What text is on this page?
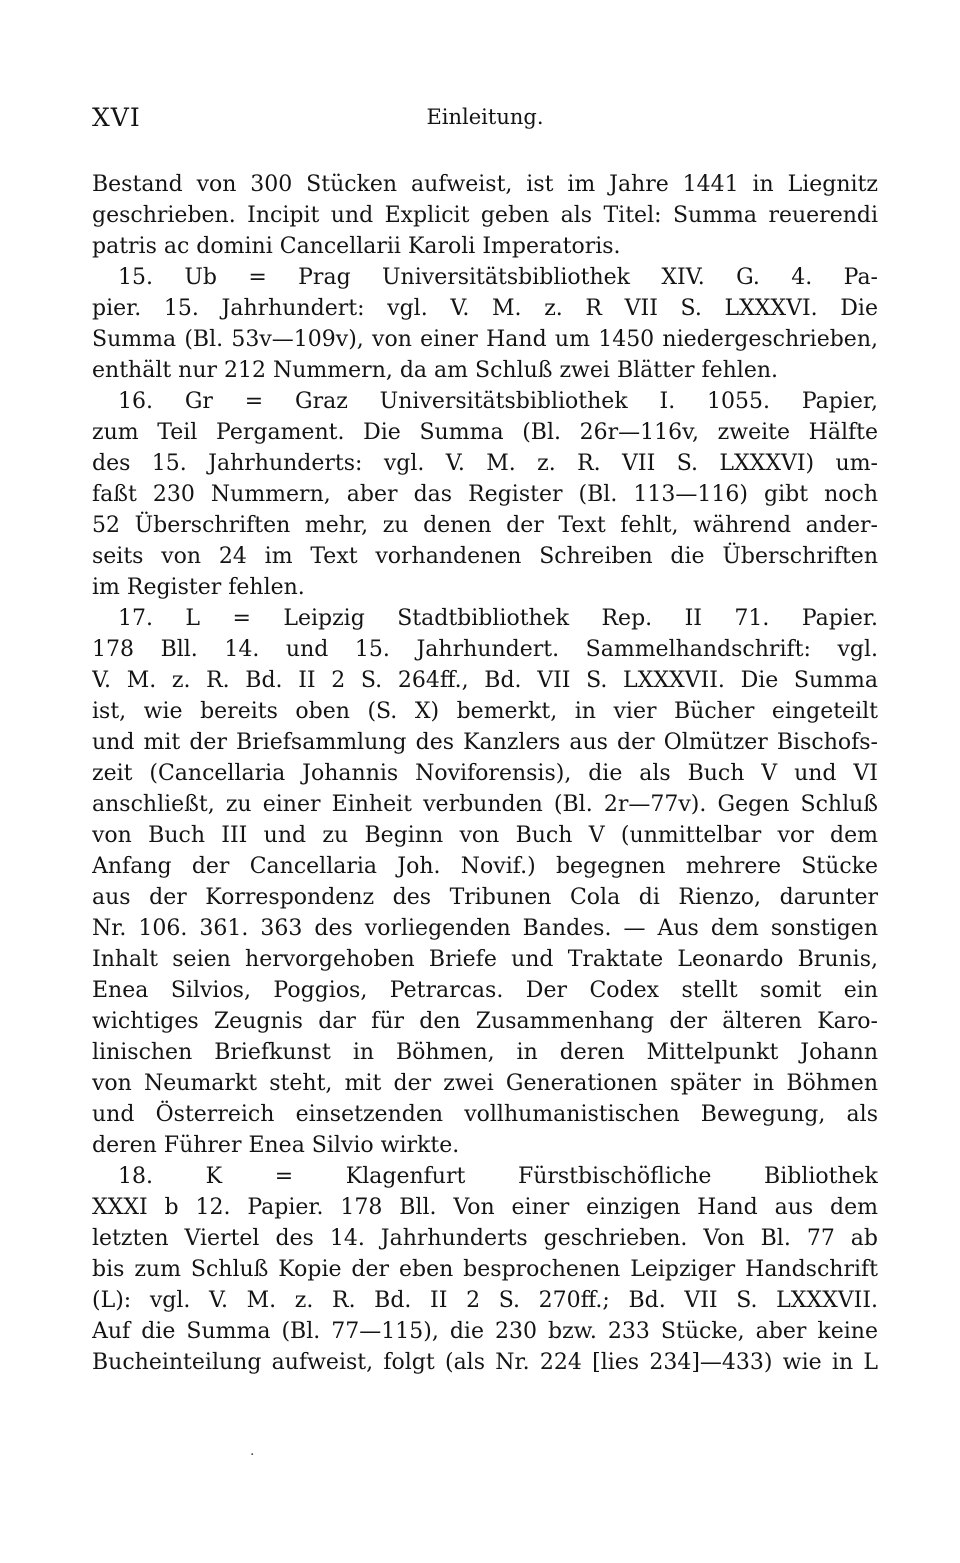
XVI	Einleitung.
Bestand von 300 Stücken aufweist, ist im Jahre 1441 in Liegnitz
geschrieben. Incipit und Explicit geben als Titel: Summa reuerendi
patris ac domini Cancellarii Karoli Imperatoris.
15. Ub = Prag Universitätsbibliothek XIV. G. 4. Pa-
pier. 15. Jahrhundert: vgl. V. M. z. R VII S. LXXXVI. Die
Summa (Bl. 53v—109v), von einer Hand um 1450 niedergeschrieben,
enthält nur 212 Nummern, da am Schluß zwei Blätter fehlen.
16. Gr = Graz Universitätsbibliothek I. 1055. Papier,
zum Teil Pergament. Die Summa (Bl. 26r—116v, zweite Hälfte
des 15. Jahrhunderts: vgl. V. M. z. R. VII S. LXXXVI) um-
faßt 230 Nummern, aber das Register (Bl. 113—116) gibt noch
52 Überschriften mehr, zu denen der Text fehlt, während ander-
seits von 24 im Text vorhandenen Schreiben die Überschriften
im Register fehlen.
17. L = Leipzig Stadtbibliothek Rep. II 71. Papier.
178 Bll. 14. und 15. Jahrhundert. Sammelhandschrift: vgl.
V. M. z. R. Bd. II 2 S. 264ff., Bd. VII S. LXXXVII. Die Summa
ist, wie bereits oben (S. X) bemerkt, in vier Bücher eingeteilt
und mit der Briefsammlung des Kanzlers aus der Olmützer Bischofs-
zeit (Cancellaria Johannis Noviforensis), die als Buch V und VI
anschließt, zu einer Einheit verbunden (Bl. 2r—77v). Gegen Schluß
von Buch III und zu Beginn von Buch V (unmittelbar vor dem
Anfang der Cancellaria Joh. Novif.) begegnen mehrere Stücke
aus der Korrespondenz des Tribunen Cola di Rienzo, darunter
Nr. 106. 361. 363 des vorliegenden Bandes. — Aus dem sonstigen
Inhalt seien hervorgehoben Briefe und Traktate Leonardo Brunis,
Enea Silvios, Poggios, Petrarcas. Der Codex stellt somit ein
wichtiges Zeugnis dar für den Zusammenhang der älteren Karo-
linischen Briefkunst in Böhmen, in deren Mittelpunkt Johann
von Neumarkt steht, mit der zwei Generationen später in Böhmen
und Österreich einsetzenden vollhumanistischen Bewegung, als
deren Führer Enea Silvio wirkte.
18. K = Klagenfurt Fürstbischöfliche Bibliothek
XXXI b 12. Papier. 178 Bll. Von einer einzigen Hand aus dem
letzten Viertel des 14. Jahrhunderts geschrieben. Von Bl. 77 ab
bis zum Schluß Kopie der eben besprochenen Leipziger Handschrift
(L): vgl. V. M. z. R. Bd. II 2 S. 270ff.; Bd. VII S. LXXXVII.
Auf die Summa (Bl. 77—115), die 230 bzw. 233 Stücke, aber keine
Bucheinteilung aufweist, folgt (als Nr. 224 [lies 234]—433) wie in L
·
